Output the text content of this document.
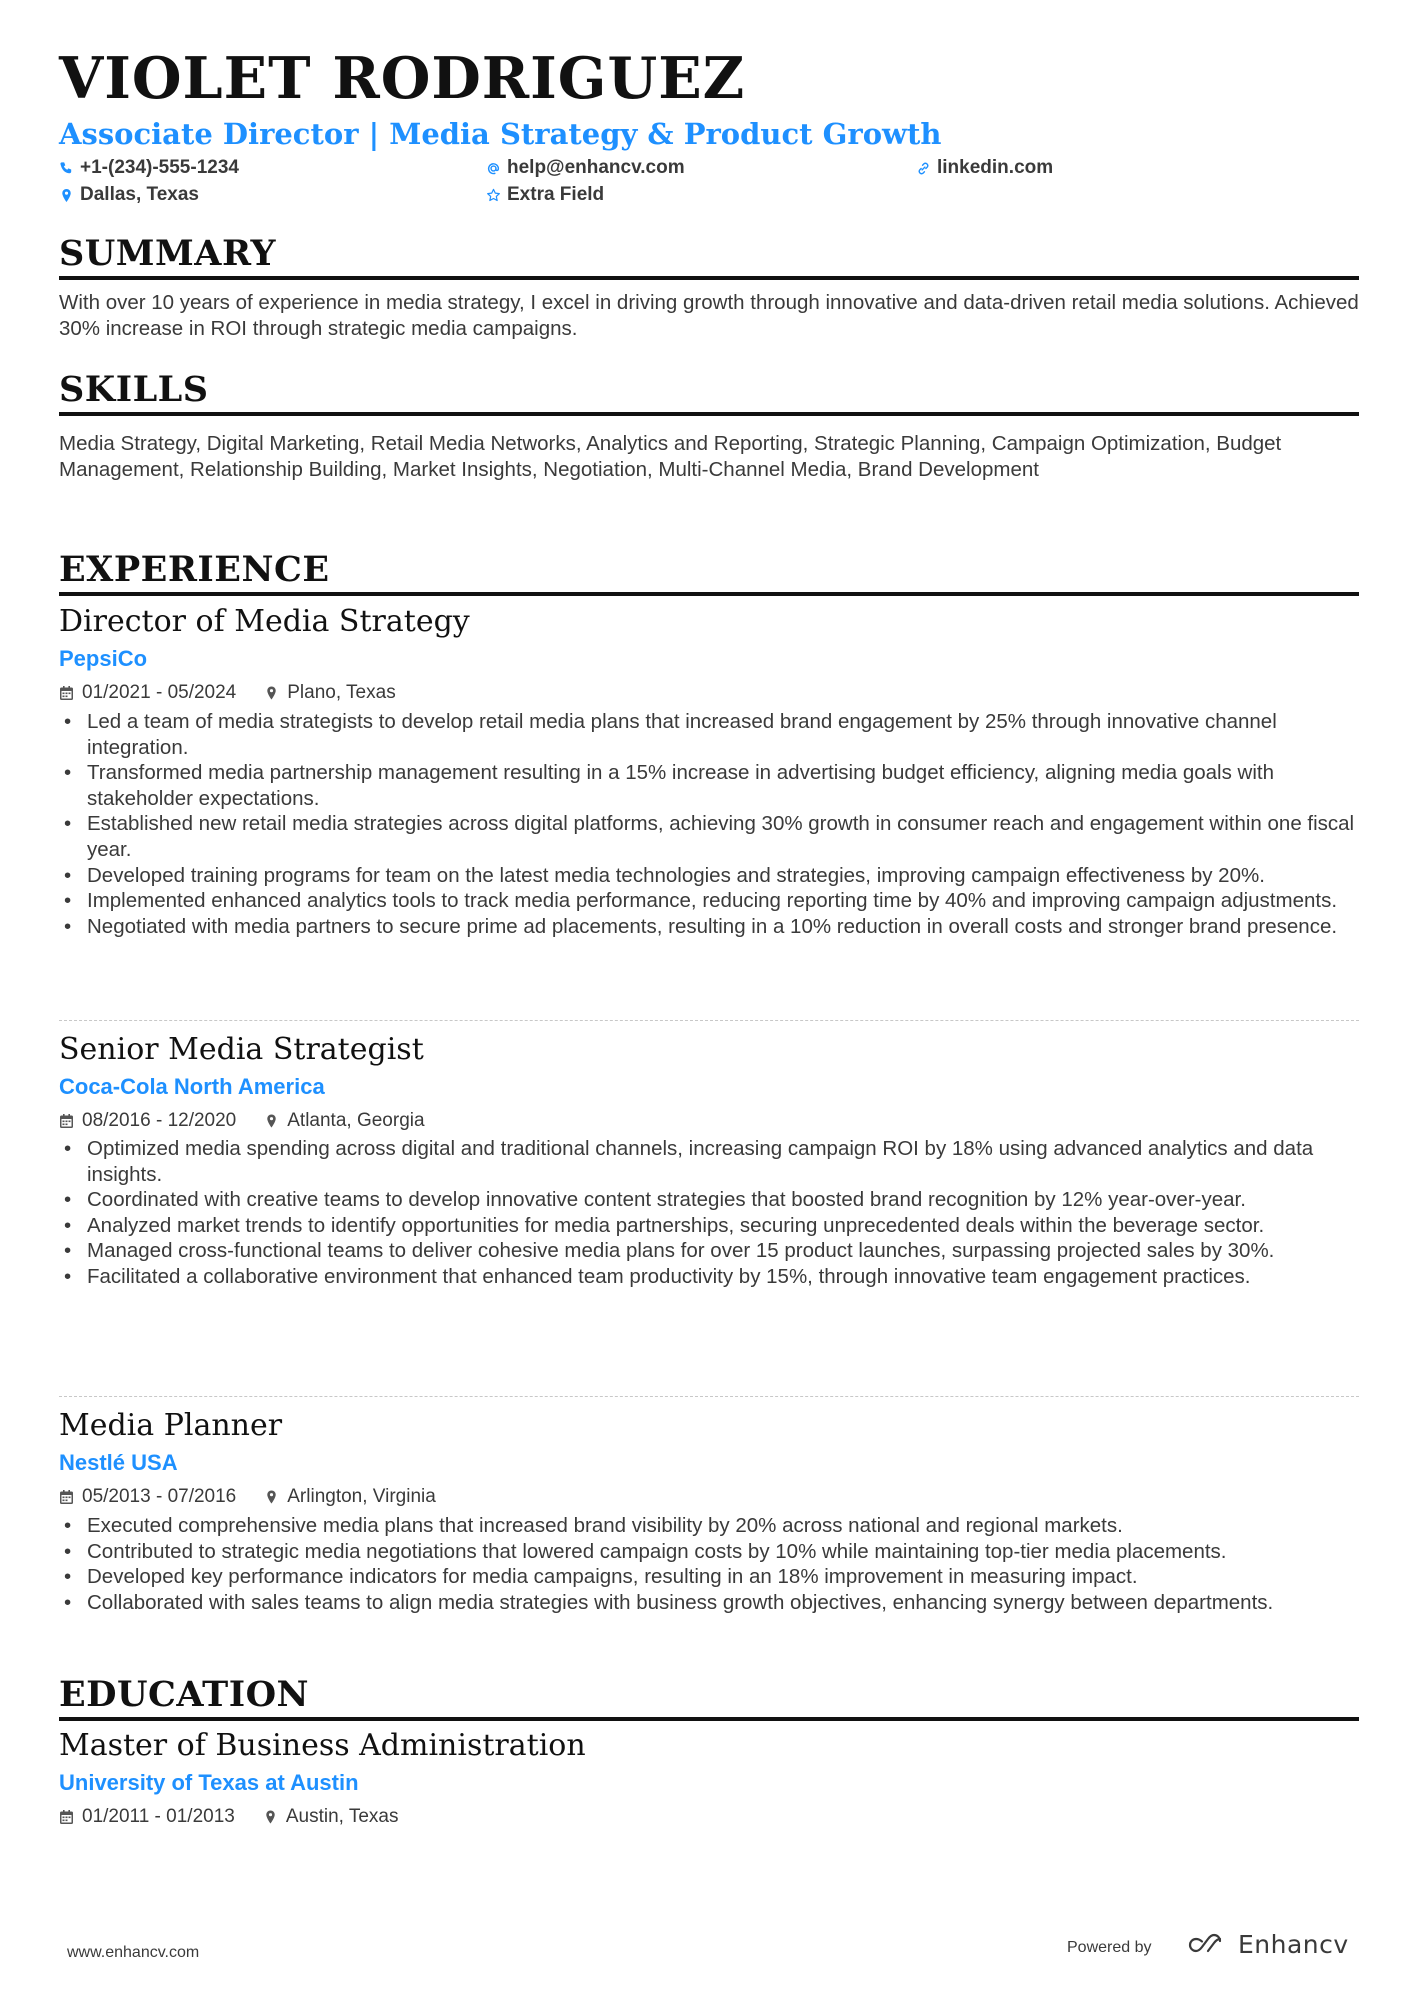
VIOLET RODRIGUEZ
Associate Director | Media Strategy & Product Growth
+1-(234)-555-1234	help@enhancv.com	linkedin.com
Dallas, Texas	Extra Field
SUMMARY

With over 10 years of experience in media strategy, I excel in driving growth through innovative and data-driven retail media solutions. Achieved 30% increase in ROI through strategic media campaigns.

SKILLS

Media Strategy, Digital Marketing, Retail Media Networks, Analytics and Reporting, Strategic Planning, Campaign Optimization, Budget Management, Relationship Building, Market Insights, Negotiation, Multi-Channel Media, Brand Development

EXPERIENCE
Director of Media Strategy
PepsiCo
01/2021 - 05/2024	Plano, Texas
• Led a team of media strategists to develop retail media plans that increased brand engagement by 25% through innovative channel integration.
• Transformed media partnership management resulting in a 15% increase in advertising budget efficiency, aligning media goals with stakeholder expectations.
• Established new retail media strategies across digital platforms, achieving 30% growth in consumer reach and engagement within one fiscal year.
• Developed training programs for team on the latest media technologies and strategies, improving campaign effectiveness by 20%.
• Implemented enhanced analytics tools to track media performance, reducing reporting time by 40% and improving campaign adjustments.
• Negotiated with media partners to secure prime ad placements, resulting in a 10% reduction in overall costs and stronger brand presence.
Senior Media Strategist
Coca-Cola North America
08/2016 - 12/2020	Atlanta, Georgia
• Optimized media spending across digital and traditional channels, increasing campaign ROI by 18% using advanced analytics and data insights.
• Coordinated with creative teams to develop innovative content strategies that boosted brand recognition by 12% year-over-year.
• Analyzed market trends to identify opportunities for media partnerships, securing unprecedented deals within the beverage sector.
• Managed cross-functional teams to deliver cohesive media plans for over 15 product launches, surpassing projected sales by 30%.
• Facilitated a collaborative environment that enhanced team productivity by 15%, through innovative team engagement practices.
Media Planner
Nestlé USA
05/2013 - 07/2016	Arlington, Virginia
• Executed comprehensive media plans that increased brand visibility by 20% across national and regional markets.
• Contributed to strategic media negotiations that lowered campaign costs by 10% while maintaining top-tier media placements.
• Developed key performance indicators for media campaigns, resulting in an 18% improvement in measuring impact.
• Collaborated with sales teams to align media strategies with business growth objectives, enhancing synergy between departments.
EDUCATION
Master of Business Administration
University of Texas at Austin
01/2011 - 01/2013	Austin, Texas
www.enhancv.com	Powered by	Enhancv
